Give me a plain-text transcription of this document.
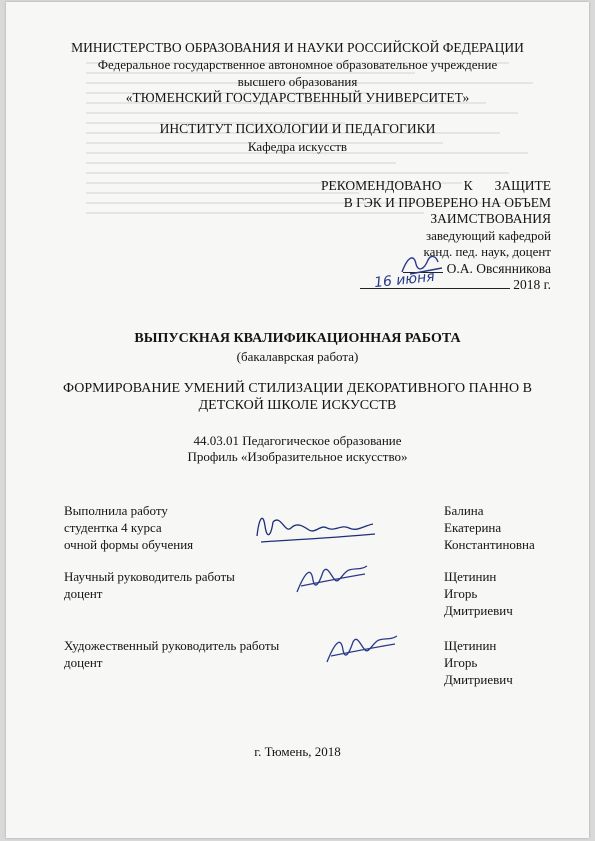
МИНИСТЕРСТВО ОБРАЗОВАНИЯ И НАУКИ РОССИЙСКОЙ ФЕДЕРАЦИИ
Федеральное государственное автономное образовательное учреждение
высшего образования
«ТЮМЕНСКИЙ ГОСУДАРСТВЕННЫЙ УНИВЕРСИТЕТ»
ИНСТИТУТ ПСИХОЛОГИИ И ПЕДАГОГИКИ
Кафедра искусств
РЕКОМЕНДОВАНО К ЗАЩИТЕ
В ГЭК И ПРОВЕРЕНО НА ОБЪЕМ
ЗАИМСТВОВАНИЯ
заведующий кафедрой
канд. пед. наук, доцент
О.А. Овсянникова
2018 г.
16 июня
ВЫПУСКНАЯ КВАЛИФИКАЦИОННАЯ РАБОТА
(бакалаврская работа)
ФОРМИРОВАНИЕ УМЕНИЙ СТИЛИЗАЦИИ ДЕКОРАТИВНОГО ПАННО В ДЕТСКОЙ ШКОЛЕ ИСКУССТВ
44.03.01 Педагогическое образование
Профиль «Изобразительное искусство»
Выполнила работу
студентка 4 курса
очной формы обучения
Балина
Екатерина
Константиновна
Научный руководитель работы
доцент
Щетинин
Игорь
Дмитриевич
Художественный руководитель работы
доцент
Щетинин
Игорь
Дмитриевич
г. Тюмень, 2018
